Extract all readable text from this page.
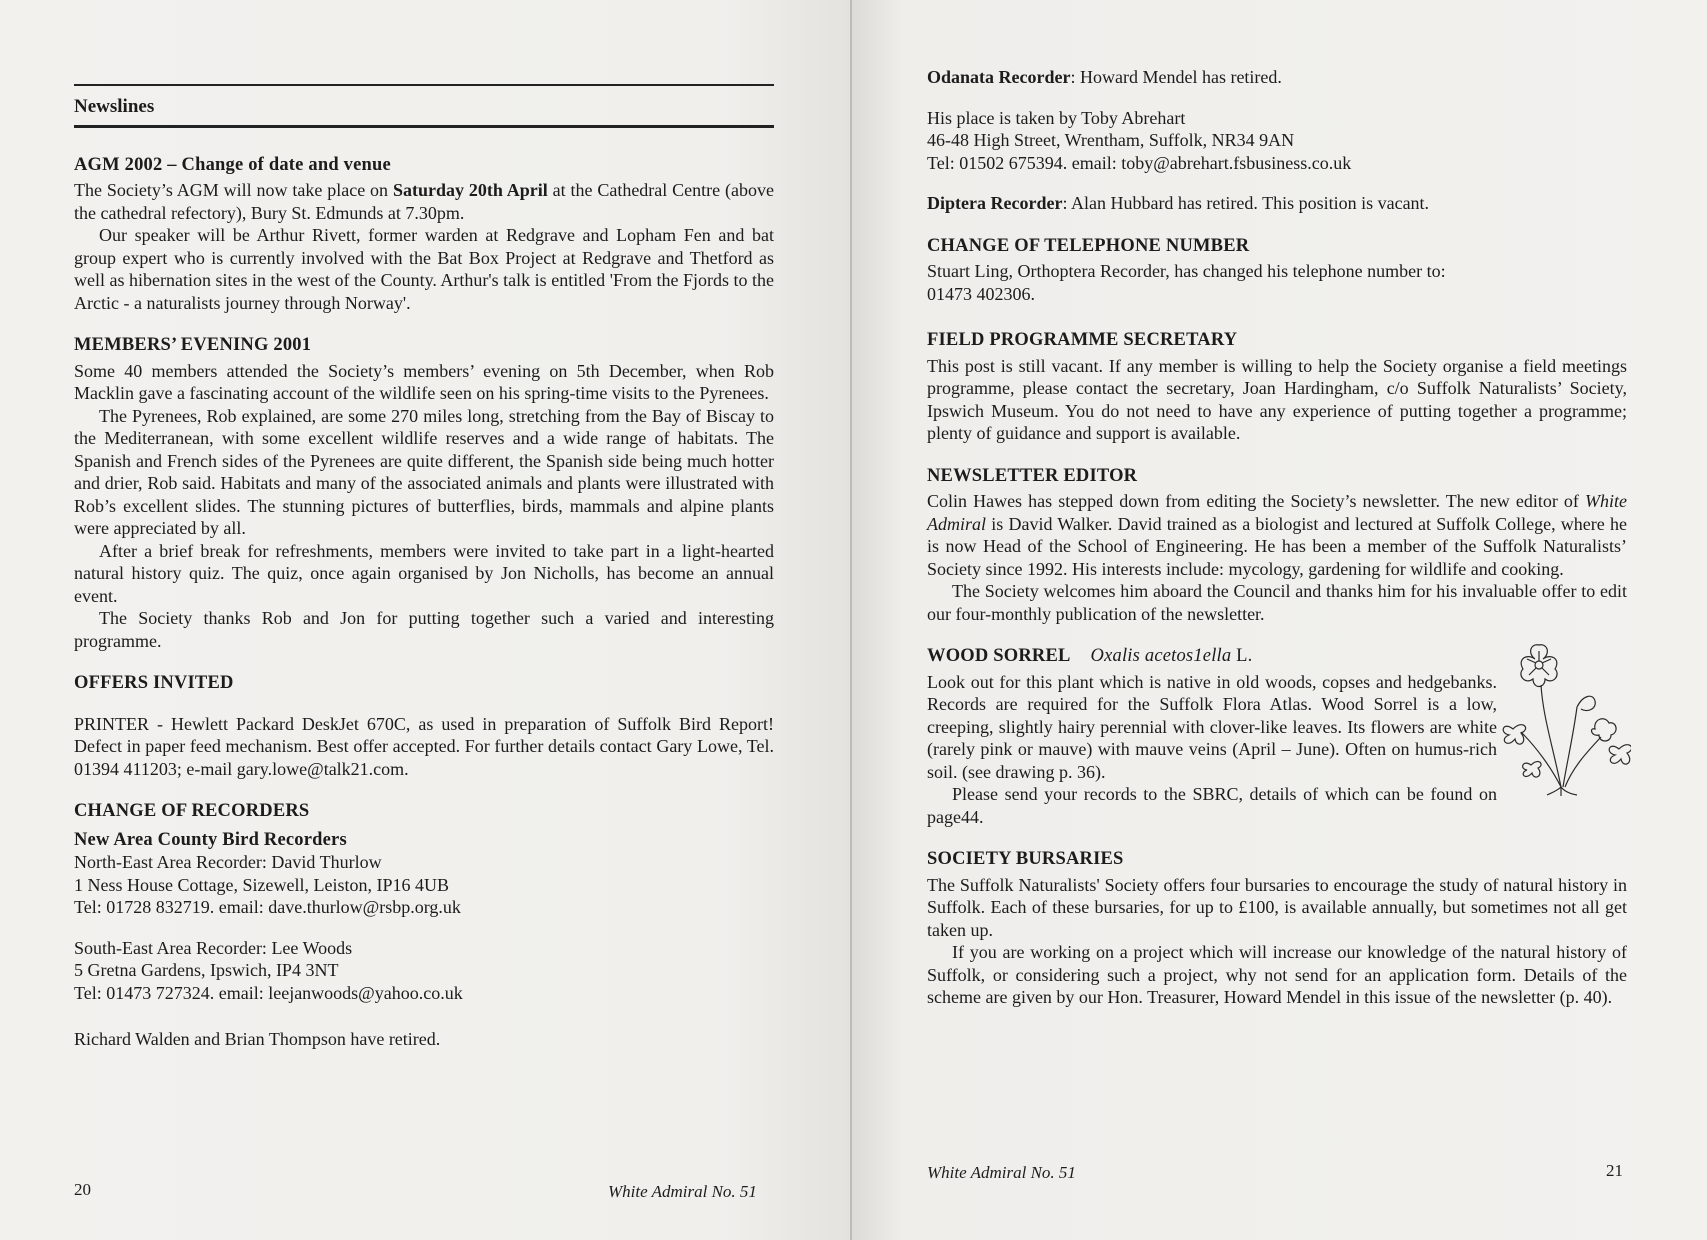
Newslines
AGM 2002 – Change of date and venue

The Society’s AGM will now take place on Saturday 20th April at the Cathedral Centre (above the cathedral refectory), Bury St. Edmunds at 7.30pm.

Our speaker will be Arthur Rivett, former warden at Redgrave and Lopham Fen and bat group expert who is currently involved with the Bat Box Project at Redgrave and Thetford as well as hibernation sites in the west of the County. Arthur's talk is entitled 'From the Fjords to the Arctic - a naturalists journey through Norway'.

MEMBERS’ EVENING 2001

Some 40 members attended the Society’s members’ evening on 5th December, when Rob Macklin gave a fascinating account of the wildlife seen on his spring-time visits to the Pyrenees.

The Pyrenees, Rob explained, are some 270 miles long, stretching from the Bay of Biscay to the Mediterranean, with some excellent wildlife reserves and a wide range of habitats. The Spanish and French sides of the Pyrenees are quite different, the Spanish side being much hotter and drier, Rob said. Habitats and many of the associated animals and plants were illustrated with Rob’s excellent slides. The stunning pictures of butterflies, birds, mammals and alpine plants were appreciated by all.

After a brief break for refreshments, members were invited to take part in a light-hearted natural history quiz. The quiz, once again organised by Jon Nicholls, has become an annual event.

The Society thanks Rob and Jon for putting together such a varied and interesting programme.

OFFERS INVITED

PRINTER - Hewlett Packard DeskJet 670C, as used in preparation of Suffolk Bird Report! Defect in paper feed mechanism. Best offer accepted. For further details contact Gary Lowe, Tel. 01394 411203; e-mail gary.lowe@talk21.com.

CHANGE OF RECORDERS
New Area County Bird Recorders

North-East Area Recorder: David Thurlow

1 Ness House Cottage, Sizewell, Leiston, IP16 4UB

Tel: 01728 832719. email: dave.thurlow@rsbp.org.uk

South-East Area Recorder: Lee Woods

5 Gretna Gardens, Ipswich, IP4 3NT

Tel: 01473 727324. email: leejanwoods@yahoo.co.uk

Richard Walden and Brian Thompson have retired.

20	White Admiral No. 51

Odanata Recorder: Howard Mendel has retired.

His place is taken by Toby Abrehart

46-48 High Street, Wrentham, Suffolk, NR34 9AN

Tel: 01502 675394. email: toby@abrehart.fsbusiness.co.uk

Diptera Recorder: Alan Hubbard has retired. This position is vacant.

CHANGE OF TELEPHONE NUMBER

Stuart Ling, Orthoptera Recorder, has changed his telephone number to:

01473 402306.

FIELD PROGRAMME SECRETARY

This post is still vacant. If any member is willing to help the Society organise a field meetings programme, please contact the secretary, Joan Hardingham, c/o Suffolk Naturalists’ Society, Ipswich Museum. You do not need to have any experience of putting together a programme; plenty of guidance and support is available.

NEWSLETTER EDITOR

Colin Hawes has stepped down from editing the Society’s newsletter. The new editor of White Admiral is David Walker. David trained as a biologist and lectured at Suffolk College, where he is now Head of the School of Engineering. He has been a member of the Suffolk Naturalists’ Society since 1992. His interests include: mycology, gardening for wildlife and cooking.

The Society welcomes him aboard the Council and thanks him for his invaluable offer to edit our four-monthly publication of the newsletter.

WOOD SORREL Oxalis acetos1ella L.

Look out for this plant which is native in old woods, copses and hedgebanks. Records are required for the Suffolk Flora Atlas. Wood Sorrel is a low, creeping, slightly hairy perennial with clover-like leaves. Its flowers are white (rarely pink or mauve) with mauve veins (April – June). Often on humus-rich soil. (see drawing p. 36).

Please send your records to the SBRC, details of which can be found on page44.

SOCIETY BURSARIES

The Suffolk Naturalists' Society offers four bursaries to encourage the study of natural history in Suffolk. Each of these bursaries, for up to £100, is available annually, but sometimes not all get taken up.

If you are working on a project which will increase our knowledge of the natural history of Suffolk, or considering such a project, why not send for an application form. Details of the scheme are given by our Hon. Treasurer, Howard Mendel in this issue of the newsletter (p. 40).

White Admiral No. 51	21
